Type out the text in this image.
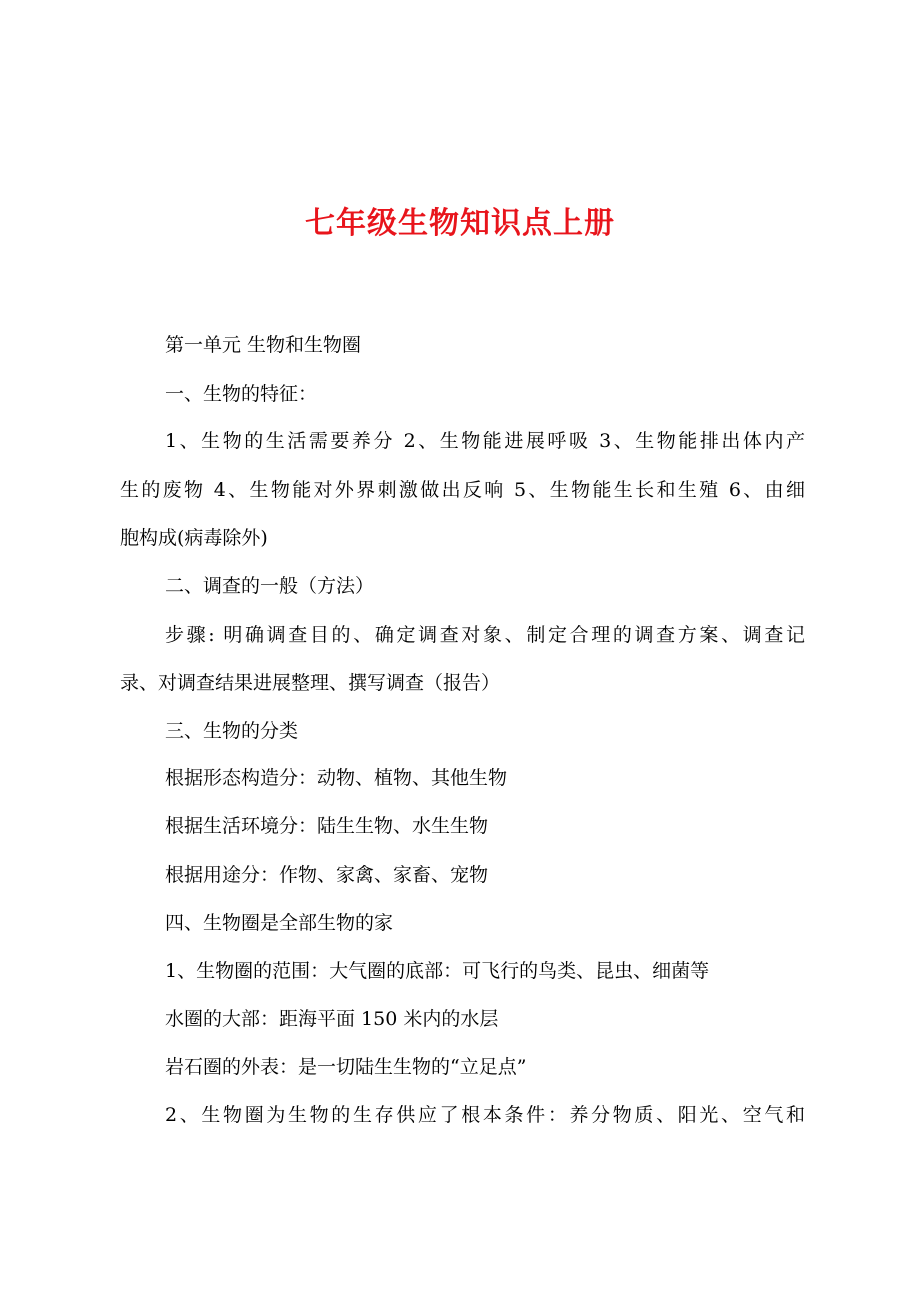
七年级生物知识点上册
第一单元 生物和生物圈
一、生物的特征：
1、生物的生活需要养分 2、生物能进展呼吸 3、生物能排出体内产
生的废物 4、生物能对外界刺激做出反响 5、生物能生长和生殖 6、由细
胞构成(病毒除外)
二、调查的一般（方法）
步骤: 明确调查目的、确定调查对象、制定合理的调查方案、调查记
录、对调查结果进展整理、撰写调查（报告）
三、生物的分类
根据形态构造分：动物、植物、其他生物
根据生活环境分：陆生生物、水生生物
根据用途分：作物、家禽、家畜、宠物
四、生物圈是全部生物的家
1、生物圈的范围：大气圈的底部：可飞行的鸟类、昆虫、细菌等
水圈的大部：距海平面 150 米内的水层
岩石圈的外表：是一切陆生生物的“立足点”
2、生物圈为生物的生存供应了根本条件：养分物质、阳光、空气和
